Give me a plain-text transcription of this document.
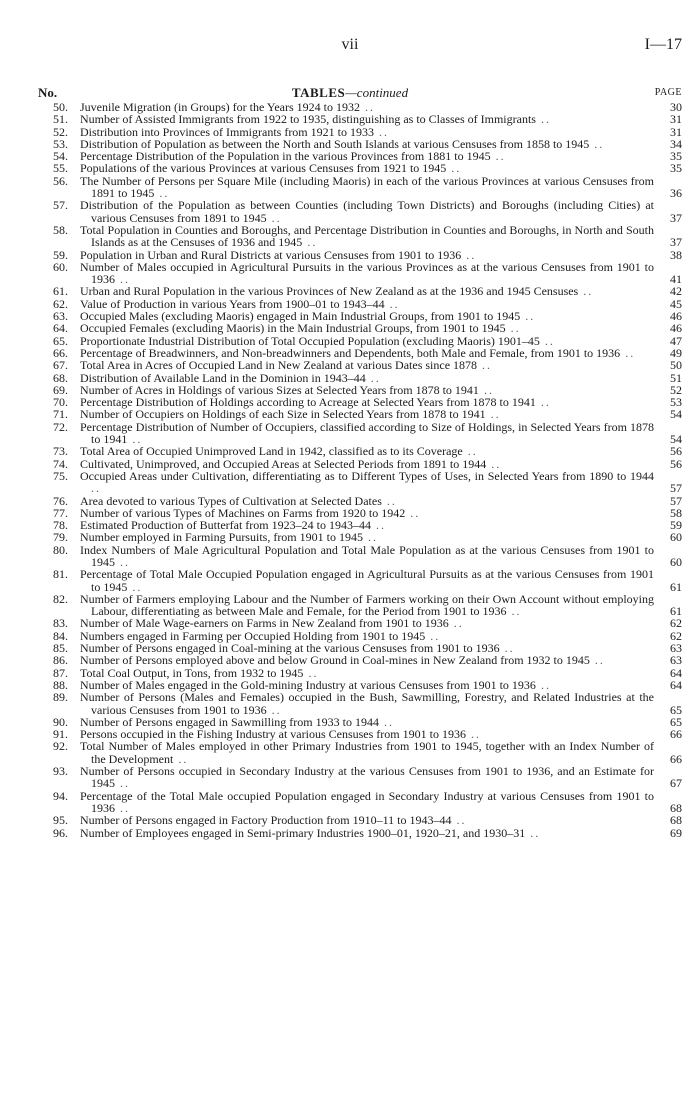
vii	I—17
No.	TABLES—continued	PAGE
50. Juvenile Migration (in Groups) for the Years 1924 to 1932 ..	30
51. Number of Assisted Immigrants from 1922 to 1935, distinguishing as to Classes of Immigrants ..	31
52. Distribution into Provinces of Immigrants from 1921 to 1933 ..	31
53. Distribution of Population as between the North and South Islands at various Censuses from 1858 to 1945 ..	34
54. Percentage Distribution of the Population in the various Provinces from 1881 to 1945 ..	35
55. Populations of the various Provinces at various Censuses from 1921 to 1945 ..	35
56. The Number of Persons per Square Mile (including Maoris) in each of the various Provinces at various Censuses from 1891 to 1945 ..	36
57. Distribution of the Population as between Counties (including Town Districts) and Boroughs (including Cities) at various Censuses from 1891 to 1945 ..	37
58. Total Population in Counties and Boroughs, and Percentage Distribution in Counties and Boroughs, in North and South Islands as at the Censuses of 1936 and 1945 ..	37
59. Population in Urban and Rural Districts at various Censuses from 1901 to 1936 ..	38
60. Number of Males occupied in Agricultural Pursuits in the various Provinces as at the various Censuses from 1901 to 1936 ..	41
61. Urban and Rural Population in the various Provinces of New Zealand as at the 1936 and 1945 Censuses ..	42
62. Value of Production in various Years from 1900–01 to 1943–44 ..	45
63. Occupied Males (excluding Maoris) engaged in Main Industrial Groups, from 1901 to 1945 ..	46
64. Occupied Females (excluding Maoris) in the Main Industrial Groups, from 1901 to 1945 ..	46
65. Proportionate Industrial Distribution of Total Occupied Population (excluding Maoris) 1901–45 ..	47
66. Percentage of Breadwinners, and Non-breadwinners and Dependents, both Male and Female, from 1901 to 1936 ..	49
67. Total Area in Acres of Occupied Land in New Zealand at various Dates since 1878 ..	50
68. Distribution of Available Land in the Dominion in 1943–44 ..	51
69. Number of Acres in Holdings of various Sizes at Selected Years from 1878 to 1941 ..	52
70. Percentage Distribution of Holdings according to Acreage at Selected Years from 1878 to 1941 ..	53
71. Number of Occupiers on Holdings of each Size in Selected Years from 1878 to 1941 ..	54
72. Percentage Distribution of Number of Occupiers, classified according to Size of Holdings, in Selected Years from 1878 to 1941 ..	54
73. Total Area of Occupied Unimproved Land in 1942, classified as to its Coverage ..	56
74. Cultivated, Unimproved, and Occupied Areas at Selected Periods from 1891 to 1944 ..	56
75. Occupied Areas under Cultivation, differentiating as to Different Types of Uses, in Selected Years from 1890 to 1944 ..	57
76. Area devoted to various Types of Cultivation at Selected Dates ..	57
77. Number of various Types of Machines on Farms from 1920 to 1942 ..	58
78. Estimated Production of Butterfat from 1923–24 to 1943–44 ..	59
79. Number employed in Farming Pursuits, from 1901 to 1945 ..	60
80. Index Numbers of Male Agricultural Population and Total Male Population as at the various Censuses from 1901 to 1945 ..	60
81. Percentage of Total Male Occupied Population engaged in Agricultural Pursuits as at the various Censuses from 1901 to 1945 ..	61
82. Number of Farmers employing Labour and the Number of Farmers working on their Own Account without employing Labour, differentiating as between Male and Female, for the Period from 1901 to 1936 ..	61
83. Number of Male Wage-earners on Farms in New Zealand from 1901 to 1936 ..	62
84. Numbers engaged in Farming per Occupied Holding from 1901 to 1945 ..	62
85. Number of Persons engaged in Coal-mining at the various Censuses from 1901 to 1936 ..	63
86. Number of Persons employed above and below Ground in Coal-mines in New Zealand from 1932 to 1945 ..	63
87. Total Coal Output, in Tons, from 1932 to 1945 ..	64
88. Number of Males engaged in the Gold-mining Industry at various Censuses from 1901 to 1936 ..	64
89. Number of Persons (Males and Females) occupied in the Bush, Sawmilling, Forestry, and Related Industries at the various Censuses from 1901 to 1936 ..	65
90. Number of Persons engaged in Sawmilling from 1933 to 1944 ..	65
91. Persons occupied in the Fishing Industry at various Censuses from 1901 to 1936 ..	66
92. Total Number of Males employed in other Primary Industries from 1901 to 1945, together with an Index Number of the Development ..	66
93. Number of Persons occupied in Secondary Industry at the various Censuses from 1901 to 1936, and an Estimate for 1945 ..	67
94. Percentage of the Total Male occupied Population engaged in Secondary Industry at various Censuses from 1901 to 1936 ..	68
95. Number of Persons engaged in Factory Production from 1910–11 to 1943–44 ..	68
96. Number of Employees engaged in Semi-primary Industries 1900–01, 1920–21, and 1930–31 ..	69
